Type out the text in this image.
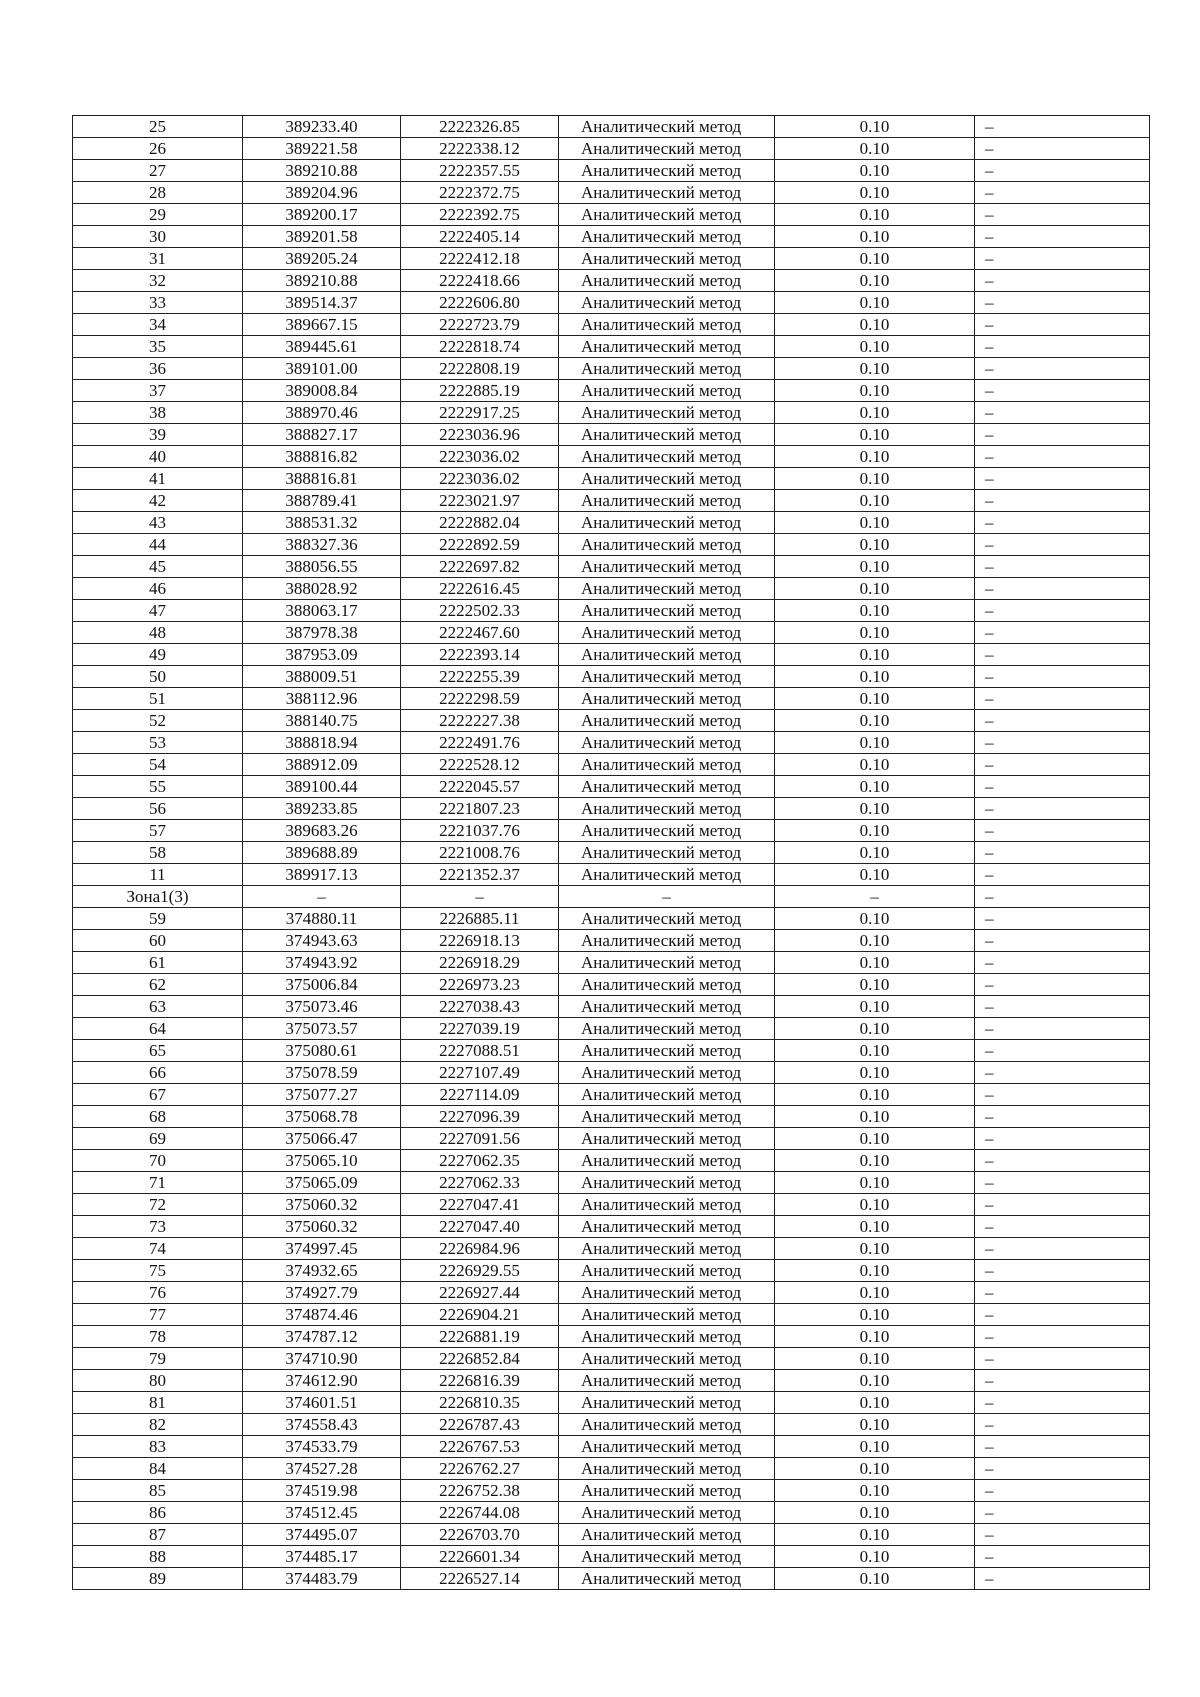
25	389233.40	2222326.85	Аналитический метод	0.10	–
26	389221.58	2222338.12	Аналитический метод	0.10	–
27	389210.88	2222357.55	Аналитический метод	0.10	–
28	389204.96	2222372.75	Аналитический метод	0.10	–
29	389200.17	2222392.75	Аналитический метод	0.10	–
30	389201.58	2222405.14	Аналитический метод	0.10	–
31	389205.24	2222412.18	Аналитический метод	0.10	–
32	389210.88	2222418.66	Аналитический метод	0.10	–
33	389514.37	2222606.80	Аналитический метод	0.10	–
34	389667.15	2222723.79	Аналитический метод	0.10	–
35	389445.61	2222818.74	Аналитический метод	0.10	–
36	389101.00	2222808.19	Аналитический метод	0.10	–
37	389008.84	2222885.19	Аналитический метод	0.10	–
38	388970.46	2222917.25	Аналитический метод	0.10	–
39	388827.17	2223036.96	Аналитический метод	0.10	–
40	388816.82	2223036.02	Аналитический метод	0.10	–
41	388816.81	2223036.02	Аналитический метод	0.10	–
42	388789.41	2223021.97	Аналитический метод	0.10	–
43	388531.32	2222882.04	Аналитический метод	0.10	–
44	388327.36	2222892.59	Аналитический метод	0.10	–
45	388056.55	2222697.82	Аналитический метод	0.10	–
46	388028.92	2222616.45	Аналитический метод	0.10	–
47	388063.17	2222502.33	Аналитический метод	0.10	–
48	387978.38	2222467.60	Аналитический метод	0.10	–
49	387953.09	2222393.14	Аналитический метод	0.10	–
50	388009.51	2222255.39	Аналитический метод	0.10	–
51	388112.96	2222298.59	Аналитический метод	0.10	–
52	388140.75	2222227.38	Аналитический метод	0.10	–
53	388818.94	2222491.76	Аналитический метод	0.10	–
54	388912.09	2222528.12	Аналитический метод	0.10	–
55	389100.44	2222045.57	Аналитический метод	0.10	–
56	389233.85	2221807.23	Аналитический метод	0.10	–
57	389683.26	2221037.76	Аналитический метод	0.10	–
58	389688.89	2221008.76	Аналитический метод	0.10	–
11	389917.13	2221352.37	Аналитический метод	0.10	–
Зона1(3)	–	–	–	–	–
59	374880.11	2226885.11	Аналитический метод	0.10	–
60	374943.63	2226918.13	Аналитический метод	0.10	–
61	374943.92	2226918.29	Аналитический метод	0.10	–
62	375006.84	2226973.23	Аналитический метод	0.10	–
63	375073.46	2227038.43	Аналитический метод	0.10	–
64	375073.57	2227039.19	Аналитический метод	0.10	–
65	375080.61	2227088.51	Аналитический метод	0.10	–
66	375078.59	2227107.49	Аналитический метод	0.10	–
67	375077.27	2227114.09	Аналитический метод	0.10	–
68	375068.78	2227096.39	Аналитический метод	0.10	–
69	375066.47	2227091.56	Аналитический метод	0.10	–
70	375065.10	2227062.35	Аналитический метод	0.10	–
71	375065.09	2227062.33	Аналитический метод	0.10	–
72	375060.32	2227047.41	Аналитический метод	0.10	–
73	375060.32	2227047.40	Аналитический метод	0.10	–
74	374997.45	2226984.96	Аналитический метод	0.10	–
75	374932.65	2226929.55	Аналитический метод	0.10	–
76	374927.79	2226927.44	Аналитический метод	0.10	–
77	374874.46	2226904.21	Аналитический метод	0.10	–
78	374787.12	2226881.19	Аналитический метод	0.10	–
79	374710.90	2226852.84	Аналитический метод	0.10	–
80	374612.90	2226816.39	Аналитический метод	0.10	–
81	374601.51	2226810.35	Аналитический метод	0.10	–
82	374558.43	2226787.43	Аналитический метод	0.10	–
83	374533.79	2226767.53	Аналитический метод	0.10	–
84	374527.28	2226762.27	Аналитический метод	0.10	–
85	374519.98	2226752.38	Аналитический метод	0.10	–
86	374512.45	2226744.08	Аналитический метод	0.10	–
87	374495.07	2226703.70	Аналитический метод	0.10	–
88	374485.17	2226601.34	Аналитический метод	0.10	–
89	374483.79	2226527.14	Аналитический метод	0.10	–
